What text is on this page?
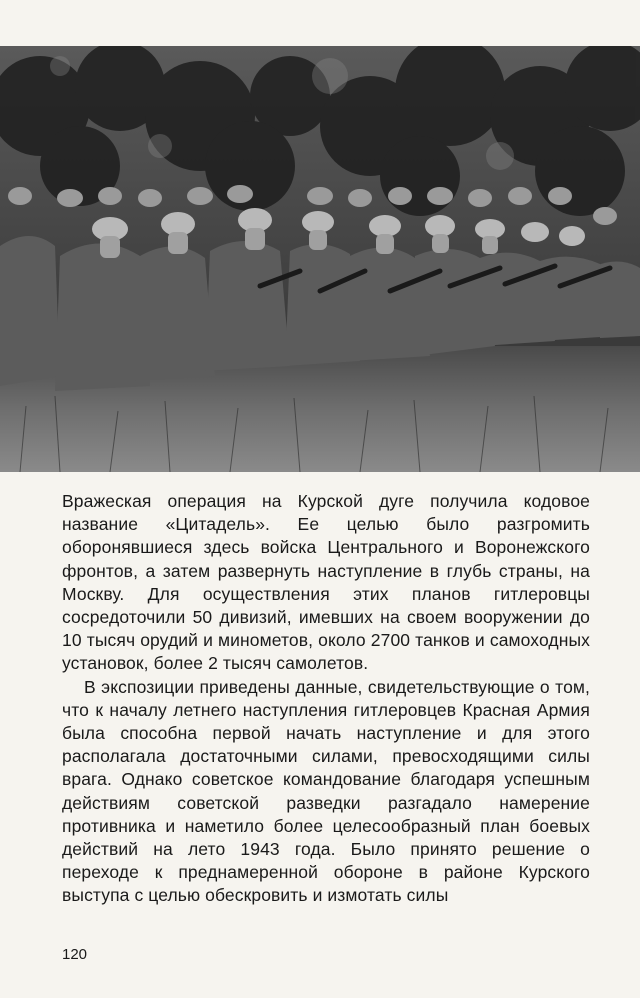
Вражеская операция на Курской дуге получила кодовое название «Цитадель». Ее целью было разгромить оборонявшиеся здесь войска Центрального и Воронежского фронтов, а затем развернуть наступление в глубь страны, на Москву. Для осуществления этих планов гитлеровцы сосредоточили 50 дивизий, имевших на своем вооружении до 10 тысяч орудий и минометов, около 2700 танков и самоходных установок, более 2 тысяч самолетов.

В экспозиции приведены данные, свидетельствующие о том, что к началу летнего наступления гитлеровцев Красная Армия была способна первой начать наступление и для этого располагала достаточными силами, превосходящими силы врага. Однако советское командование благодаря успешным действиям советской разведки разгадало намерение противника и наметило более целесообразный план боевых действий на лето 1943 года. Было принято решение о переходе к преднамеренной обороне в районе Курского выступа с целью обескровить и измотать силы

120
